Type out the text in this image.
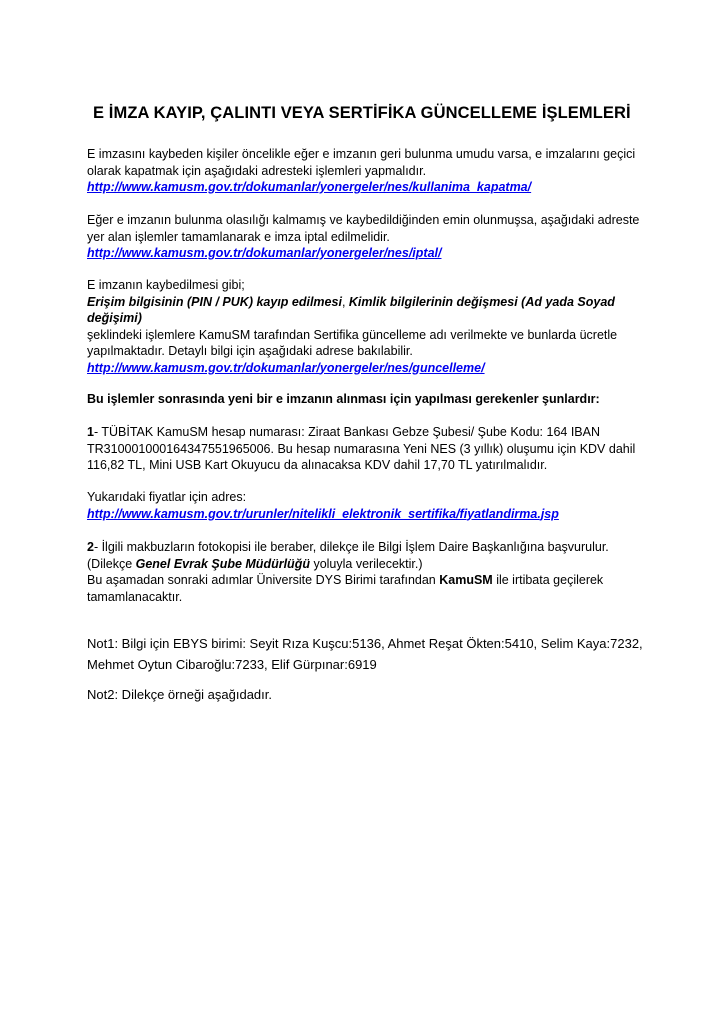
E İMZA KAYIP, ÇALINTI VEYA SERTİFİKA GÜNCELLEME İŞLEMLERİ

E imzasını kaybeden kişiler öncelikle eğer e imzanın geri bulunma umudu varsa, e imzalarını geçici

olarak kapatmak için aşağıdaki adresteki işlemleri yapmalıdır.

http://www.kamusm.gov.tr/dokumanlar/yonergeler/nes/kullanima_kapatma/

Eğer e imzanın bulunma olasılığı kalmamış ve kaybedildiğinden emin olunmuşsa, aşağıdaki adreste

yer alan işlemler tamamlanarak e imza iptal edilmelidir.

http://www.kamusm.gov.tr/dokumanlar/yonergeler/nes/iptal/

E imzanın kaybedilmesi gibi;

Erişim bilgisinin (PIN / PUK) kayıp edilmesi, Kimlik bilgilerinin değişmesi (Ad yada Soyad değişimi)

şeklindeki işlemlere KamuSM tarafından Sertifika güncelleme adı verilmekte ve bunlarda ücretle

yapılmaktadır. Detaylı bilgi için aşağıdaki adrese bakılabilir.

http://www.kamusm.gov.tr/dokumanlar/yonergeler/nes/guncelleme/

Bu işlemler sonrasında yeni bir e imzanın alınması için yapılması gerekenler şunlardır:

1- TÜBİTAK KamuSM hesap numarası: Ziraat Bankası Gebze Şubesi/ Şube Kodu: 164 IBAN

TR310001000164347551965006. Bu hesap numarasına Yeni NES (3 yıllık) oluşumu için KDV dahil

116,82 TL, Mini USB Kart Okuyucu da alınacaksa KDV dahil 17,70 TL yatırılmalıdır.

Yukarıdaki fiyatlar için adres:

http://www.kamusm.gov.tr/urunler/nitelikli_elektronik_sertifika/fiyatlandirma.jsp

2- İlgili makbuzların fotokopisi ile beraber, dilekçe ile Bilgi İşlem Daire Başkanlığına başvurulur.

(Dilekçe Genel Evrak Şube Müdürlüğü yoluyla verilecektir.)

Bu aşamadan sonraki adımlar Üniversite DYS Birimi tarafından KamuSM ile irtibata geçilerek

tamamlanacaktır.

Not1: Bilgi için EBYS birimi: Seyit Rıza Kuşcu:5136, Ahmet Reşat Ökten:5410, Selim Kaya:7232,

Mehmet Oytun Cibaroğlu:7233, Elif Gürpınar:6919

Not2: Dilekçe örneği aşağıdadır.
